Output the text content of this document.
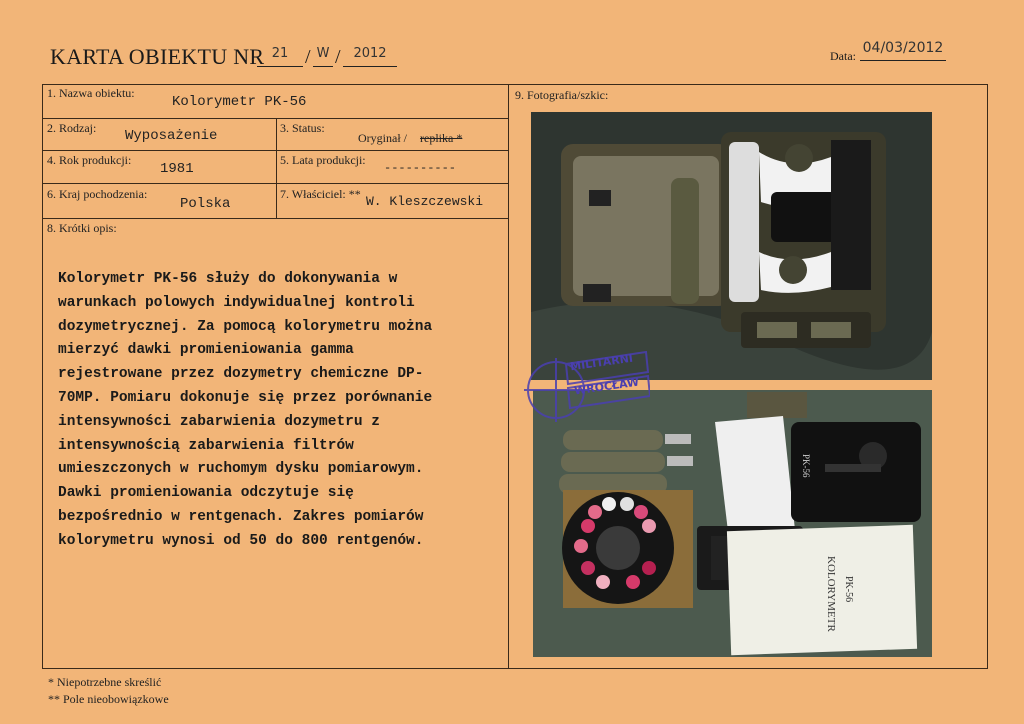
KARTA OBIEKTU NR 21 / W / 2012	Data: 04/03/2012
1. Nazwa obiektu:
Kolorymetr PK-56
2. Rodzaj: Wyposażenie	3. Status:
Oryginał / replika *
4. Rok produkcji:
1981
5. Lata produkcji:
----------
6. Kraj pochodzenia:
Polska
7. Właściciel: ** W. Kleszczewski
8. Krótki opis:
Kolorymetr PK-56 służy do dokonywania w
warunkach polowych indywidualnej kontroli
dozymetrycznej. Za pomocą kolorymetru można
mierzyć dawki promieniowania gamma
rejestrowane przez dozymetry chemiczne DP-
70MP. Pomiaru dokonuje się przez porównanie
intensywności zabarwienia dozymetru z
intensywnością zabarwienia filtrów
umieszczonych w ruchomym dysku pomiarowym.
Dawki promieniowania odczytuje się
bezpośrednio w rentgenach. Zakres pomiarów
kolorymetru wynosi od 50 do 800 rentgenów.
9. Fotografia/szkic:
KOLORYMETR PK-56
PK-56
MILITARNI
WROCŁAW
* Niepotrzebne skreślić
** Pole nieobowiązkowe
